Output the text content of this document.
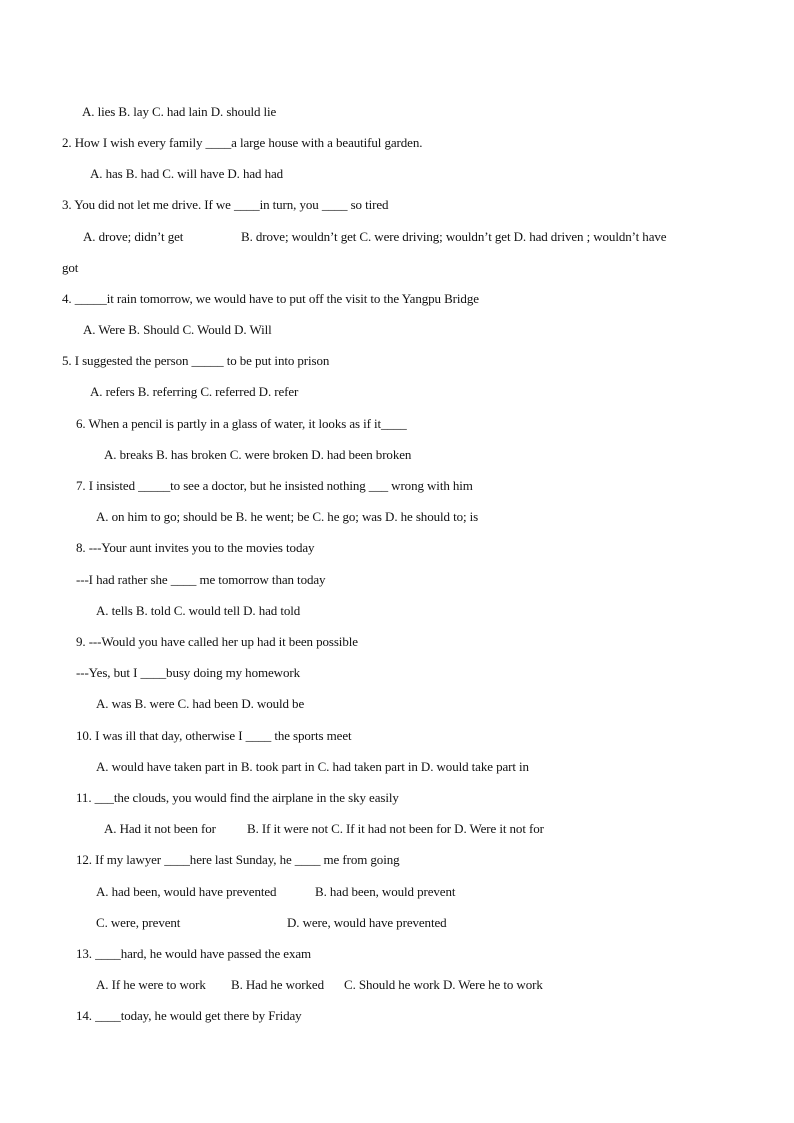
A. lies B. lay C. had lain D. should lie
2. How I wish every family ____a large house with a beautiful garden.
A. has B. had C. will have D. had had
3. You did not let me drive. If we ____in turn, you ____ so tired
A. drove; didn’t get	B. drove; wouldn’t get C. were driving; wouldn’t get D. had driven ; wouldn’t have
got
4. _____it rain tomorrow, we would have to put off the visit to the Yangpu Bridge
A. Were B. Should C. Would D. Will
5. I suggested the person _____ to be put into prison
A. refers B. referring C. referred D. refer
6. When a pencil is partly in a glass of water, it looks as if it____
A. breaks B. has broken C. were broken D. had been broken
7. I insisted _____to see a doctor, but he insisted nothing ___ wrong with him
A. on him to go; should be B. he went; be C. he go; was D. he should to; is
8. ---Your aunt invites you to the movies today
---I had rather she ____ me tomorrow than today
A. tells B. told C. would tell D. had told
9. ---Would you have called her up had it been possible
---Yes, but I ____busy doing my homework
A. was B. were C. had been D. would be
10. I was ill that day, otherwise I ____ the sports meet
A. would have taken part in B. took part in C. had taken part in D. would take part in
11. ___the clouds, you would find the airplane in the sky easily
A. Had it not been for B. If it were not C. If it had not been for D. Were it not for
12. If my lawyer ____here last Sunday, he ____ me from going
A. had been, would have prevented	B. had been, would prevent
C. were, prevent	D. were, would have prevented
13. ____hard, he would have passed the exam
A. If he were to work B. Had he worked C. Should he work D. Were he to work
14. ____today, he would get there by Friday
